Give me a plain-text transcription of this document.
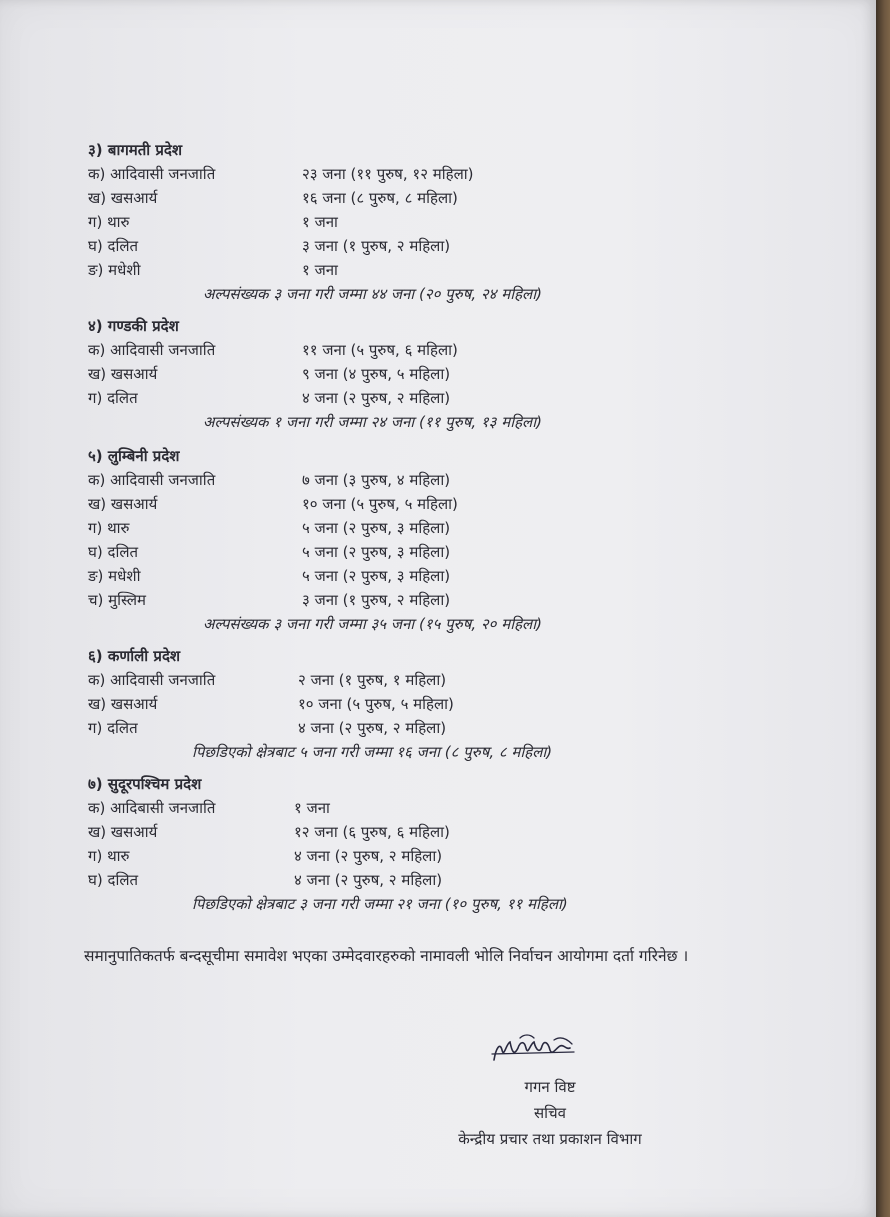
३) बागमती प्रदेश
क) आदिवासी जनजाति	२३ जना (११ पुरुष, १२ महिला)
ख) खसआर्य	१६ जना (८ पुरुष, ८ महिला)
ग) थारु	१ जना
घ) दलित	३ जना (१ पुरुष, २ महिला)
ङ) मधेशी	१ जना
अल्पसंख्यक ३ जना गरी जम्मा ४४ जना (२० पुरुष, २४ महिला)
४) गण्डकी प्रदेश
क) आदिवासी जनजाति	११ जना (५ पुरुष, ६ महिला)
ख) खसआर्य	९ जना (४ पुरुष, ५ महिला)
ग) दलित	४ जना (२ पुरुष, २ महिला)
अल्पसंख्यक १ जना गरी जम्मा २४ जना (११ पुरुष, १३ महिला)
५) लुम्बिनी प्रदेश
क) आदिवासी जनजाति	७ जना (३ पुरुष, ४ महिला)
ख) खसआर्य	१० जना (५ पुरुष, ५ महिला)
ग) थारु	५ जना (२ पुरुष, ३ महिला)
घ) दलित	५ जना (२ पुरुष, ३ महिला)
ङ) मधेशी	५ जना (२ पुरुष, ३ महिला)
च) मुस्लिम	३ जना (१ पुरुष, २ महिला)
अल्पसंख्यक ३ जना गरी जम्मा ३५ जना (१५ पुरुष, २० महिला)
६) कर्णाली प्रदेश
क) आदिवासी जनजाति	२ जना (१ पुरुष, १ महिला)
ख) खसआर्य	१० जना (५ पुरुष, ५ महिला)
ग) दलित	४ जना (२ पुरुष, २ महिला)
पिछडिएको क्षेत्रबाट ५ जना गरी जम्मा १६ जना (८ पुरुष, ८ महिला)
७) सुदूरपश्चिम प्रदेश
क) आदिबासी जनजाति	१ जना
ख) खसआर्य	१२ जना (६ पुरुष, ६ महिला)
ग) थारु	४ जना (२ पुरुष, २ महिला)
घ) दलित	४ जना (२ पुरुष, २ महिला)
पिछडिएको क्षेत्रबाट ३ जना गरी जम्मा २१ जना (१० पुरुष, ११ महिला)
समानुपातिकतर्फ बन्दसूचीमा समावेश भएका उम्मेदवारहरुको नामावली भोलि निर्वाचन आयोगमा दर्ता गरिनेछ ।
गगन विष्ट
सचिव
केन्द्रीय प्रचार तथा प्रकाशन विभाग
